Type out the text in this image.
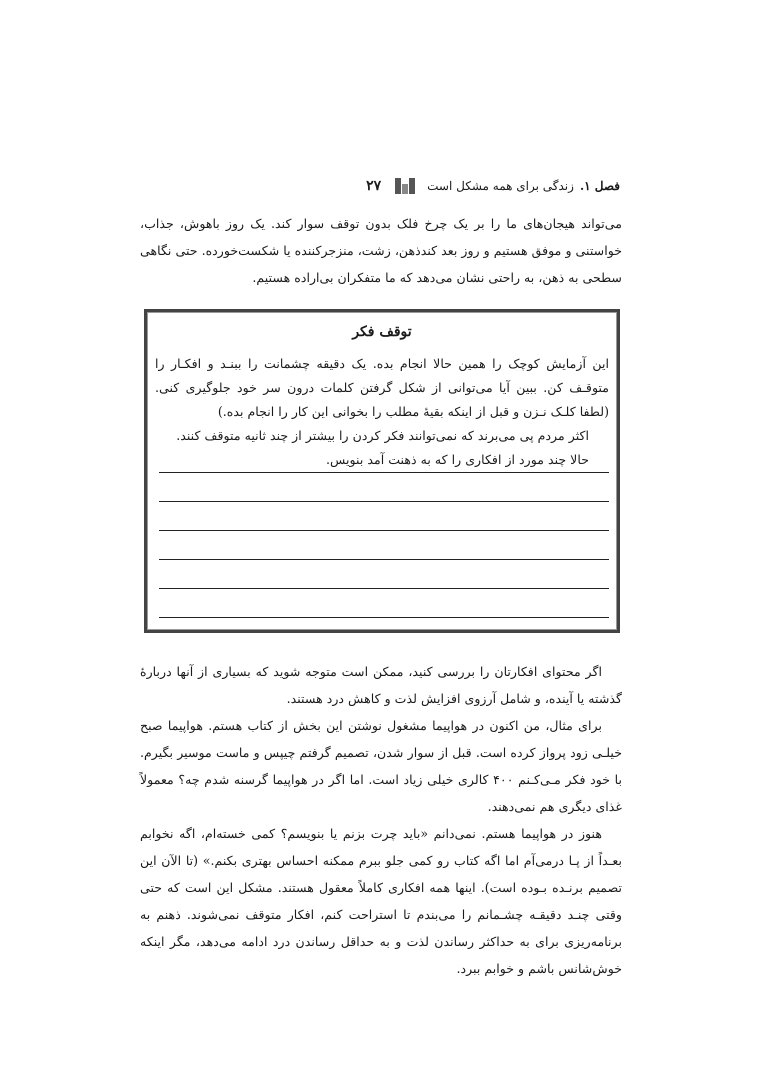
فصل ۱.
زندگی برای همه مشکل است
۲۷

می‌تواند هیجان‌های ما را بر یک چرخ فلک بدون توقف سوار کند. یک روز باهوش، جذاب، خواستنی و موفق هستیم و روز بعد کندذهن، زشت، منزجرکننده یا شکست‌خورده. حتی نگاهی سطحی به ذهن، به راحتی نشان می‌دهد که ما متفکران بی‌اراده هستیم.

توقف فکر

این آزمایش کوچک را همین حالا انجام بده. یک دقیقه چشمانت را ببنـد و افکـار را متوقـف کن. ببین آیا می‌توانی از شکل گرفتن کلمات درون سر خود جلوگیری کنی. (لطفا کلـک نـزن و قبل از اینکه بقیهٔ مطلب را بخوانی این کار را انجام بده.)

اکثر مردم پی می‌برند که نمی‌توانند فکر کردن را بیشتر از چند ثانیه متوقف کنند.

حالا چند مورد از افکاری را که به ذهنت آمد بنویس.

اگر محتوای افکارتان را بررسی کنید، ممکن است متوجه شوید که بسیاری از آنها دربارهٔ گذشته یا آینده، و شامل آرزوی افزایش لذت و کاهش درد هستند.

برای مثال، من اکنون در هواپیما مشغول نوشتن این بخش از کتاب هستم. هواپیما صبح خیلـی زود پرواز کرده است. قبل از سوار شدن، تصمیم گرفتم چیپس و ماست موسیر بگیرم. با خود فکر مـی‌کـنم ۴۰۰ کالری خیلی زیاد است. اما اگر در هواپیما گرسنه شدم چه؟ معمولاً غذای دیگری هم نمی‌دهند.

هنوز در هواپیما هستم. نمی‌دانم «باید چرت بزنم یا بنویسم؟ کمی خسته‌ام، اگه نخوابم بعـداً از پـا درمی‌آم اما اگه کتاب رو کمی جلو ببرم ممکنه احساس بهتری بکنم.» (تا الآن این تصمیم برنـده بـوده است). اینها همه افکاری کاملاً معقول هستند. مشکل این است که حتی وقتی چنـد دقیقـه چشـمانم را می‌بندم تا استراحت کنم، افکار متوقف نمی‌شوند. ذهنم به برنامه‌ریزی برای به حداکثر رساندن لذت و به حداقل رساندن درد ادامه می‌دهد، مگر اینکه خوش‌شانس باشم و خوابم ببرد.
